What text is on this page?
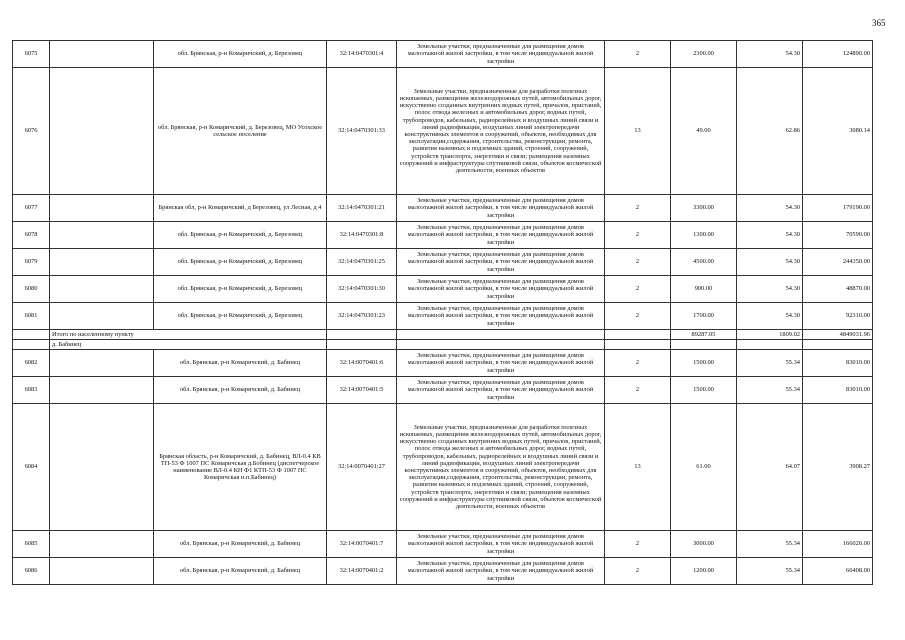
365
6075		обл. Брянская, р-н Комаричский, д. Березовец	32:14:0470301:4	Земельные участки, предназначенные для размещения домов малоэтажной жилой застройки, в том числе индивидуальной жилой застройки	2	2300.00	54.30	124890.00
6076		обл. Брянская, р-н Комаричский, д. Березовец, МО Усохское сельское поселение	32:14:0470301:33	Земельные участки, предназначенные для разработки полезных ископаемых, размещения железнодорожных путей, автомобильных дорог, искусственно созданных внутренних водных путей, причалов, пристаней, полос отвода железных и автомобильных дорог, водных путей, трубопроводов, кабельных, радиорелейных и воздушных линий связи и линий радиофикации, воздушных линий электропередачи конструктивных элементов и сооружений, объектов, необходимых для эксплуатации,содержания, строительства, реконструкции, ремонта, развития наземных и подземных зданий, строений, сооружений, устройств транспорта, энергетики и связи; размещения наземных сооружений и инфраструктуры спутниковой связи, объектов космической деятельности, военных объектов	13	49.00	62.86	3080.14
6077		Брянская обл, р-н Комаричский, д Березовец, ул Лесная, д 4	32:14:0470301:21	Земельные участки, предназначенные для размещения домов малоэтажной жилой застройки, в том числе индивидуальной жилой застройки	2	3300.00	54.30	179190.00
6078		обл. Брянская, р-н Комаричский, д. Березовец	32:14:0470301:8	Земельные участки, предназначенные для размещения домов малоэтажной жилой застройки, в том числе индивидуальной жилой застройки	2	1300.00	54.30	70590.00
6079		обл. Брянская, р-н Комаричский, д. Березовец	32:14:0470301:25	Земельные участки, предназначенные для размещения домов малоэтажной жилой застройки, в том числе индивидуальной жилой застройки	2	4500.00	54.30	244350.00
6080		обл. Брянская, р-н Комаричский, д. Березовец	32:14:0470301:30	Земельные участки, предназначенные для размещения домов малоэтажной жилой застройки, в том числе индивидуальной жилой застройки	2	900.00	54.30	48870.00
6081		обл. Брянская, р-н Комаричский, д. Березовец	32:14:0470301:23	Земельные участки, предназначенные для размещения домов малоэтажной жилой застройки, в том числе индивидуальной жилой застройки	2	1700.00	54.30	92310.00
	Итого по населенному пункту					89287.05	1809.02	4849031.96
	д. Бабинец							
6082		обл. Брянская, р-н Комаричский, д. Бабинец	32:14:0070401:6	Земельные участки, предназначенные для размещения домов малоэтажной жилой застройки, в том числе индивидуальной жилой застройки	2	1500.00	55.34	83010.00
6083		обл. Брянская, р-н Комаричский, д. Бабинец	32:14:0070401:5	Земельные участки, предназначенные для размещения домов малоэтажной жилой застройки, в том числе индивидуальной жилой застройки	2	1500.00	55.34	83010.00
6084		Брянская область, р-н Комаричский, д. Бабинец, ВЛ-0.4 КВ ТП-53 Ф 1007 ПС Комаричская д.Бобинец (диспетчерское наименование ВЛ-0.4 КН Ф1 КТП-53 Ф 1007 ПС Комаричская н.п.Бабинец)	32:14:0070401:27	Земельные участки, предназначенные для разработки полезных ископаемых, размещения железнодорожных путей, автомобильных дорог, искусственно созданных внутренних водных путей, причалов, пристаней, полос отвода железных и автомобильных дорог, водных путей, трубопроводов, кабельных, радиорелейных и воздушных линий связи и линий радиофикации, воздушных линий электропередачи конструктивных элементов и сооружений, объектов, необходимых для эксплуатации,содержания, строительства, реконструкции, ремонта, развития наземных и подземных зданий, строений, сооружений, устройств транспорта, энергетики и связи; размещения наземных сооружений и инфраструктуры спутниковой связи, объектов космической деятельности, военных объектов	13	61.00	64.07	3908.27
6085		обл. Брянская, р-н Комаричский, д. Бабинец	32:14:0070401:7	Земельные участки, предназначенные для размещения домов малоэтажной жилой застройки, в том числе индивидуальной жилой застройки	2	3000.00	55.34	166020.00
6086		обл. Брянская, р-н Комаричский, д. Бабинец	32:14:0070401:2	Земельные участки, предназначенные для размещения домов малоэтажной жилой застройки, в том числе индивидуальной жилой застройки	2	1200.00	55.34	66408.00
